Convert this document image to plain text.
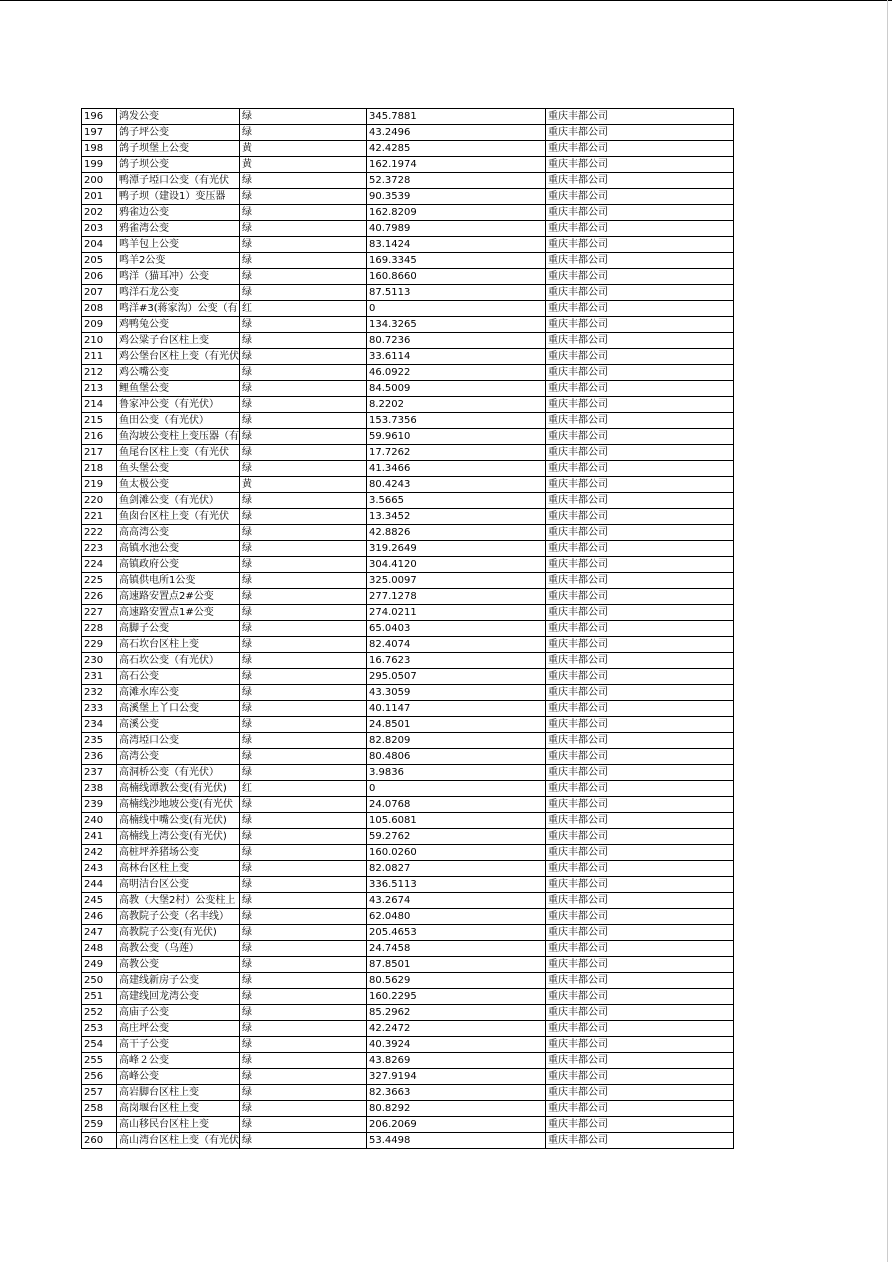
196	鸿发公变	绿	345.7881	重庆丰都公司
197	鸽子坪公变	绿	43.2496	重庆丰都公司
198	鸽子坝堡上公变	黄	42.4285	重庆丰都公司
199	鸽子坝公变	黄	162.1974	重庆丰都公司
200	鸭潭子埡口公变（有光伏	绿	52.3728	重庆丰都公司
201	鸭子坝（建设1）变压器	绿	90.3539	重庆丰都公司
202	鸦雀边公变	绿	162.8209	重庆丰都公司
203	鸦雀湾公变	绿	40.7989	重庆丰都公司
204	鸣羊包上公变	绿	83.1424	重庆丰都公司
205	鸣羊2公变	绿	169.3345	重庆丰都公司
206	鸣洋（猫耳冲）公变	绿	160.8660	重庆丰都公司
207	鸣洋石龙公变	绿	87.5113	重庆丰都公司
208	鸣洋#3(蒋家沟）公变（有	红	0	重庆丰都公司
209	鸡鸭兔公变	绿	134.3265	重庆丰都公司
210	鸡公粱子台区柱上变	绿	80.7236	重庆丰都公司
211	鸡公堡台区柱上变（有光伏	绿	33.6114	重庆丰都公司
212	鸡公嘴公变	绿	46.0922	重庆丰都公司
213	鲤鱼堡公变	绿	84.5009	重庆丰都公司
214	鲁家冲公变（有光伏）	绿	8.2202	重庆丰都公司
215	鱼田公变（有光伏）	绿	153.7356	重庆丰都公司
216	鱼沟坡公变柱上变压器（有	绿	59.9610	重庆丰都公司
217	鱼尾台区柱上变（有光伏	绿	17.7262	重庆丰都公司
218	鱼头堡公变	绿	41.3466	重庆丰都公司
219	鱼太极公变	黄	80.4243	重庆丰都公司
220	鱼剑滩公变（有光伏）	绿	3.5665	重庆丰都公司
221	鱼囱台区柱上变（有光伏	绿	13.3452	重庆丰都公司
222	高高湾公变	绿	42.8826	重庆丰都公司
223	高镇水池公变	绿	319.2649	重庆丰都公司
224	高镇政府公变	绿	304.4120	重庆丰都公司
225	高镇供电所1公变	绿	325.0097	重庆丰都公司
226	高速路安置点2#公变	绿	277.1278	重庆丰都公司
227	高速路安置点1#公变	绿	274.0211	重庆丰都公司
228	高脚子公变	绿	65.0403	重庆丰都公司
229	高石坎台区柱上变	绿	82.4074	重庆丰都公司
230	高石坎公变（有光伏）	绿	16.7623	重庆丰都公司
231	高石公变	绿	295.0507	重庆丰都公司
232	高滩水库公变	绿	43.3059	重庆丰都公司
233	高溪堡上丫口公变	绿	40.1147	重庆丰都公司
234	高溪公变	绿	24.8501	重庆丰都公司
235	高湾埡口公变	绿	82.8209	重庆丰都公司
236	高湾公变	绿	80.4806	重庆丰都公司
237	高洞桥公变（有光伏）	绿	3.9836	重庆丰都公司
238	高楠线谭教公变(有光伏)	红	0	重庆丰都公司
239	高楠线沙地坡公变(有光伏	绿	24.0768	重庆丰都公司
240	高楠线中嘴公变(有光伏)	绿	105.6081	重庆丰都公司
241	高楠线上湾公变(有光伏)	绿	59.2762	重庆丰都公司
242	高桩坪养猪场公变	绿	160.0260	重庆丰都公司
243	高林台区柱上变	绿	82.0827	重庆丰都公司
244	高明洁台区公变	绿	336.5113	重庆丰都公司
245	高教（大堡2村）公变柱上	绿	43.2674	重庆丰都公司
246	高教院子公变（名丰线）	绿	62.0480	重庆丰都公司
247	高教院子公变(有光伏)	绿	205.4653	重庆丰都公司
248	高教公变（乌莲）	绿	24.7458	重庆丰都公司
249	高教公变	绿	87.8501	重庆丰都公司
250	高建线新房子公变	绿	80.5629	重庆丰都公司
251	高建线回龙湾公变	绿	160.2295	重庆丰都公司
252	高庙子公变	绿	85.2962	重庆丰都公司
253	高庄坪公变	绿	42.2472	重庆丰都公司
254	高干子公变	绿	40.3924	重庆丰都公司
255	高峰２公变	绿	43.8269	重庆丰都公司
256	高峰公变	绿	327.9194	重庆丰都公司
257	高岩脚台区柱上变	绿	82.3663	重庆丰都公司
258	高岗堰台区柱上变	绿	80.8292	重庆丰都公司
259	高山移民台区柱上变	绿	206.2069	重庆丰都公司
260	高山湾台区柱上变（有光伏	绿	53.4498	重庆丰都公司
